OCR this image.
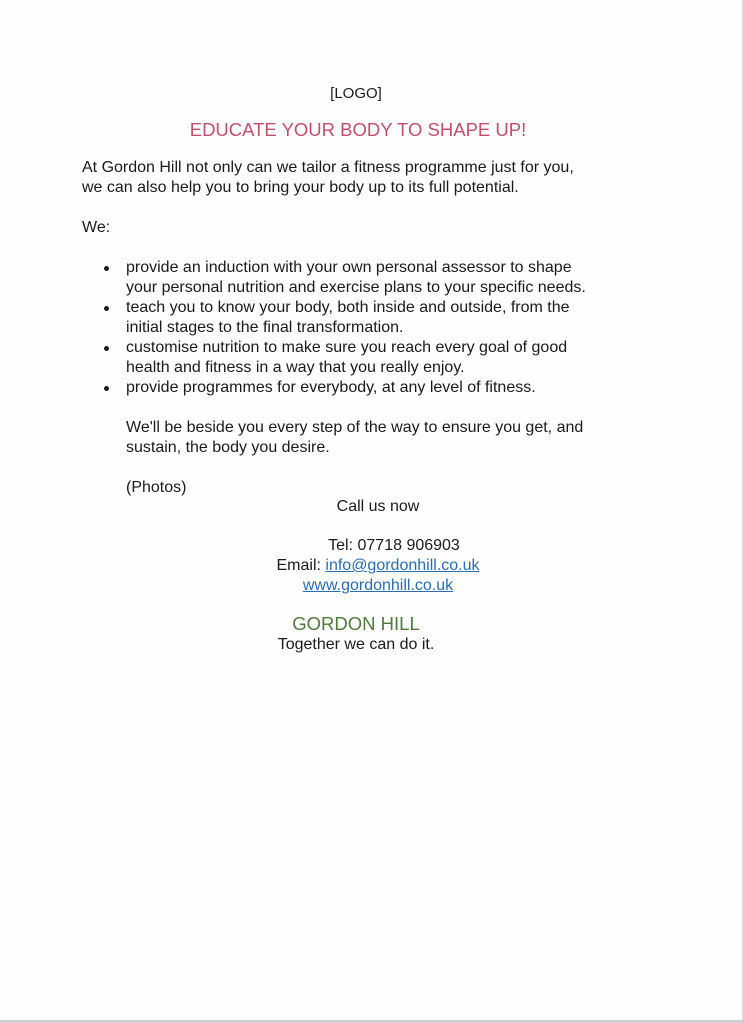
[LOGO]
EDUCATE YOUR BODY TO SHAPE UP!
At Gordon Hill not only can we tailor a fitness programme just for you,
we can also help you to bring your body up to its full potential.
We:
provide an induction with your own personal assessor to shape
your personal nutrition and exercise plans to your specific needs.
teach you to know your body, both inside and outside, from the
initial stages to the final transformation.
customise nutrition to make sure you reach every goal of good
health and fitness in a way that you really enjoy.
provide programmes for everybody, at any level of fitness.
We'll be beside you every step of the way to ensure you get, and
sustain, the body you desire.
(Photos)
Call us now
Tel: 07718 906903
Email: info@gordonhill.co.uk
www.gordonhill.co.uk
GORDON HILL
Together we can do it.
